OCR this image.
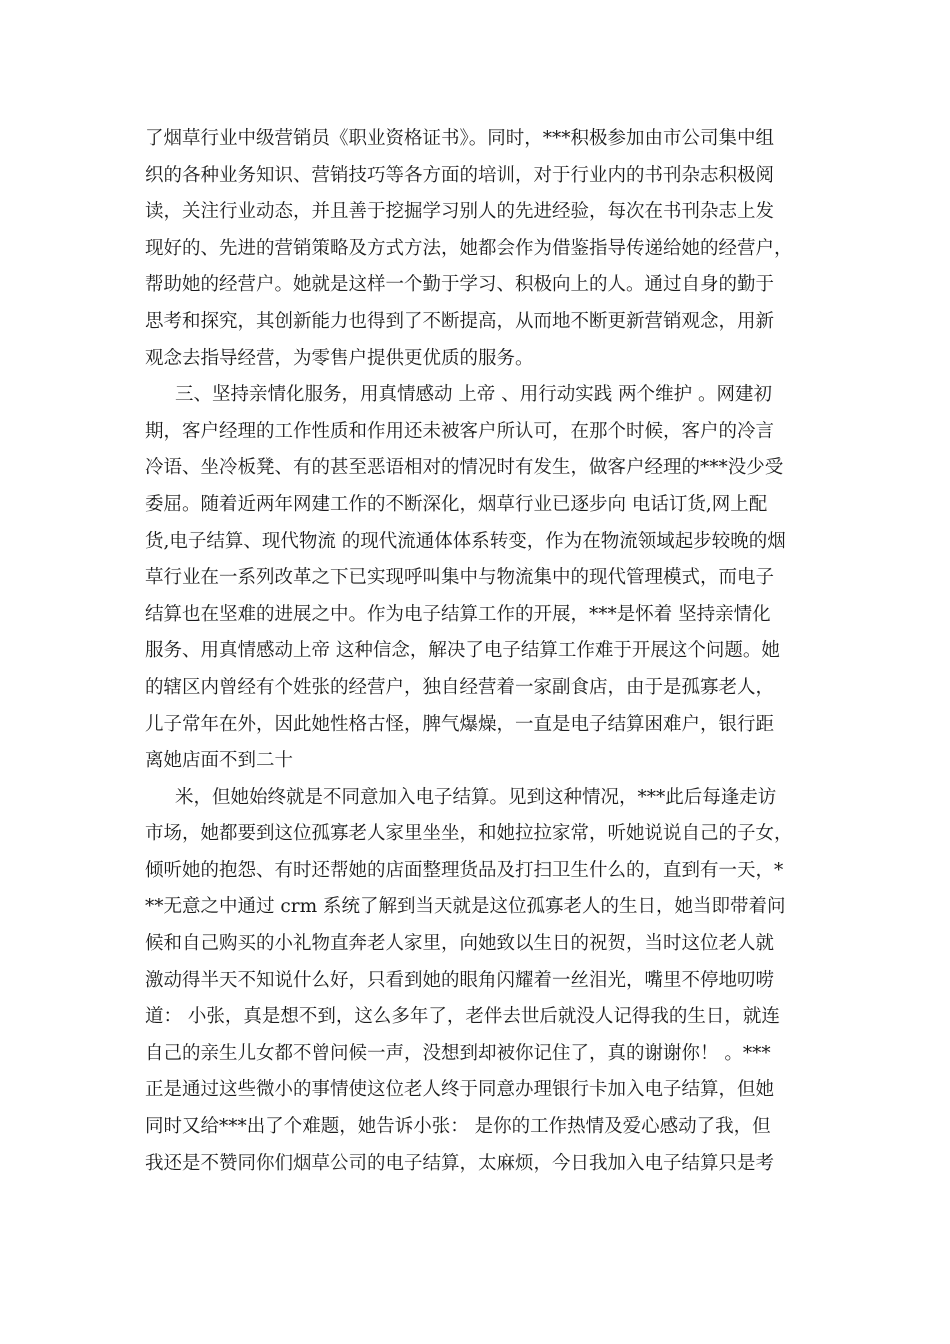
了烟草行业中级营销员《职业资格证书》。同时，***积极参加由市公司集中组
织的各种业务知识、营销技巧等各方面的培训，对于行业内的书刊杂志积极阅
读，关注行业动态，并且善于挖掘学习别人的先进经验，每次在书刊杂志上发
现好的、先进的营销策略及方式方法，她都会作为借鉴指导传递给她的经营户，
帮助她的经营户。她就是这样一个勤于学习、积极向上的人。通过自身的勤于
思考和探究，其创新能力也得到了不断提高，从而地不断更新营销观念，用新
观念去指导经营，为零售户提供更优质的服务。
三、坚持亲情化服务，用真情感动 上帝 、用行动实践 两个维护 。网建初
期，客户经理的工作性质和作用还未被客户所认可，在那个时候，客户的冷言
冷语、坐冷板凳、有的甚至恶语相对的情况时有发生，做客户经理的***没少受
委屈。随着近两年网建工作的不断深化，烟草行业已逐步向 电话订货,网上配
货,电子结算、现代物流 的现代流通体体系转变，作为在物流领域起步较晚的烟
草行业在一系列改革之下已实现呼叫集中与物流集中的现代管理模式，而电子
结算也在坚难的进展之中。作为电子结算工作的开展，***是怀着 坚持亲情化
服务、用真情感动上帝 这种信念，解决了电子结算工作难于开展这个问题。她
的辖区内曾经有个姓张的经营户，独自经营着一家副食店，由于是孤寡老人，
儿子常年在外，因此她性格古怪，脾气爆燥，一直是电子结算困难户，银行距
离她店面不到二十
米，但她始终就是不同意加入电子结算。见到这种情况，***此后每逢走访
市场，她都要到这位孤寡老人家里坐坐，和她拉拉家常，听她说说自己的子女，
倾听她的抱怨、有时还帮她的店面整理货品及打扫卫生什么的，直到有一天，*
**无意之中通过 crm 系统了解到当天就是这位孤寡老人的生日，她当即带着问
候和自己购买的小礼物直奔老人家里，向她致以生日的祝贺，当时这位老人就
激动得半天不知说什么好，只看到她的眼角闪耀着一丝泪光，嘴里不停地叨唠
道： 小张，真是想不到，这么多年了，老伴去世后就没人记得我的生日，就连
自己的亲生儿女都不曾问候一声，没想到却被你记住了，真的谢谢你！ 。***
正是通过这些微小的事情使这位老人终于同意办理银行卡加入电子结算，但她
同时又给***出了个难题，她告诉小张： 是你的工作热情及爱心感动了我，但
我还是不赞同你们烟草公司的电子结算，太麻烦，今日我加入电子结算只是考
